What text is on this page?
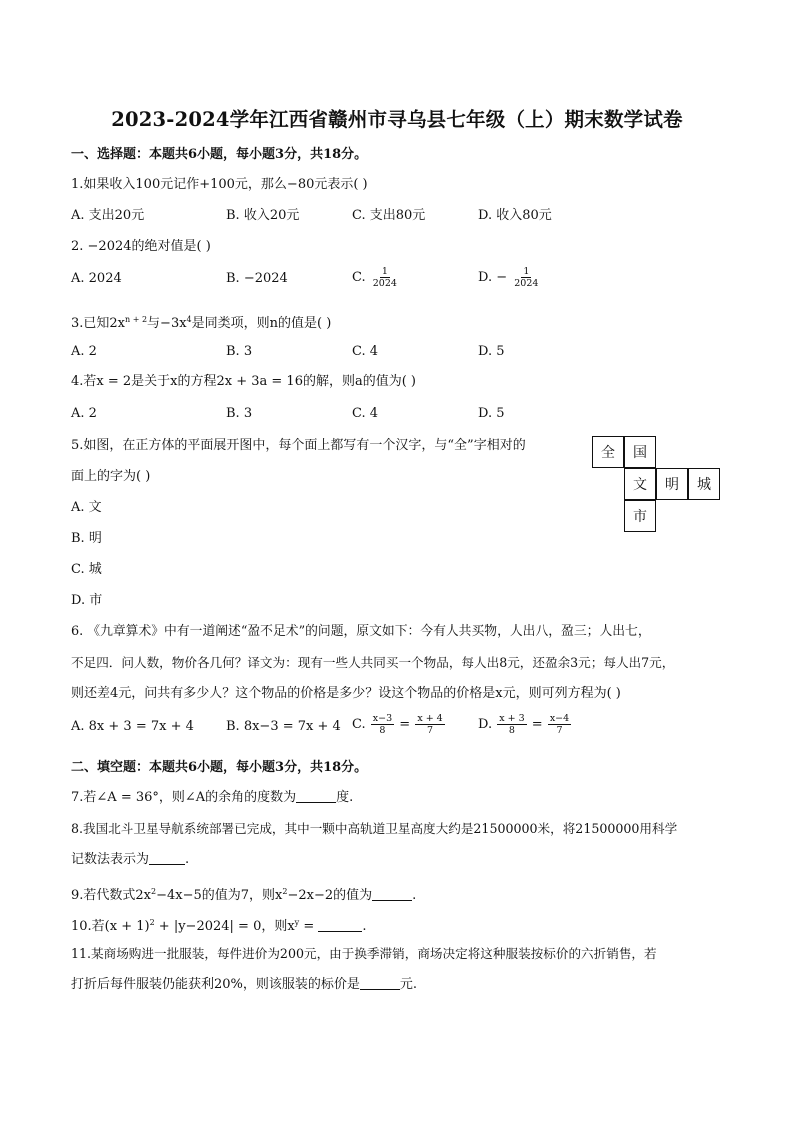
2023-2024学年江西省赣州市寻乌县七年级（上）期末数学试卷
一、选择题：本题共6小题，每小题3分，共18分。
1.如果收入100元记作+100元，那么−80元表示( )
A. 支出20元	B. 收入20元	C. 支出80元	D. 收入80元
2. −2024的绝对值是( )
A. 2024	B. −2024	C. $\frac{1}{2024}$	D. − $\frac{1}{2024}$
3.已知$2x^{n + 2}$与$-3x^4$是同类项，则n的值是( )
A. 2	B. 3	C. 4	D. 5
4.若x = 2是关于x的方程2x + 3a = 16的解，则a的值为( )
A. 2	B. 3	C. 4	D. 5
5.如图，在正方体的平面展开图中，每个面上都写有一个汉字，与“全”字相对的
面上的字为( )
A. 文
B. 明
C. 城
D. 市
全	国
文	明	城
市
6. 《九章算术》中有一道阐述“盈不足术”的问题，原文如下：今有人共买物，人出八，盈三；人出七，
不足四．问人数，物价各几何？译文为：现有一些人共同买一个物品，每人出8元，还盈余3元；每人出7元，
则还差4元，问共有多少人？这个物品的价格是多少？设这个物品的价格是x元，则可列方程为( )
A. 8x + 3 = 7x + 4 B. 8x−3 = 7x + 4 C. $\frac{x-3}{8} = \frac{x + 4}{7}$	D. $\frac{x + 3}{8} = \frac{x-4}{7}$
二、填空题：本题共6小题，每小题3分，共18分。
7.若∠A = 36°，则∠A的余角的度数为	度.
8.我国北斗卫星导航系统部署已完成，其中一颗中高轨道卫星高度大约是21500000米，将21500000用科学
记数法表示为	.
9.若代数式$2x^2-4x-5$的值为7，则$x^2-2x-2$的值为	.
10.若$(x + 1)^2 + |y-2024| = 0$，则$x^y$ =	.
11.某商场购进一批服装，每件进价为200元，由于换季滞销，商场决定将这种服装按标价的六折销售，若
打折后每件服装仍能获利20%，则该服装的标价是	元.
